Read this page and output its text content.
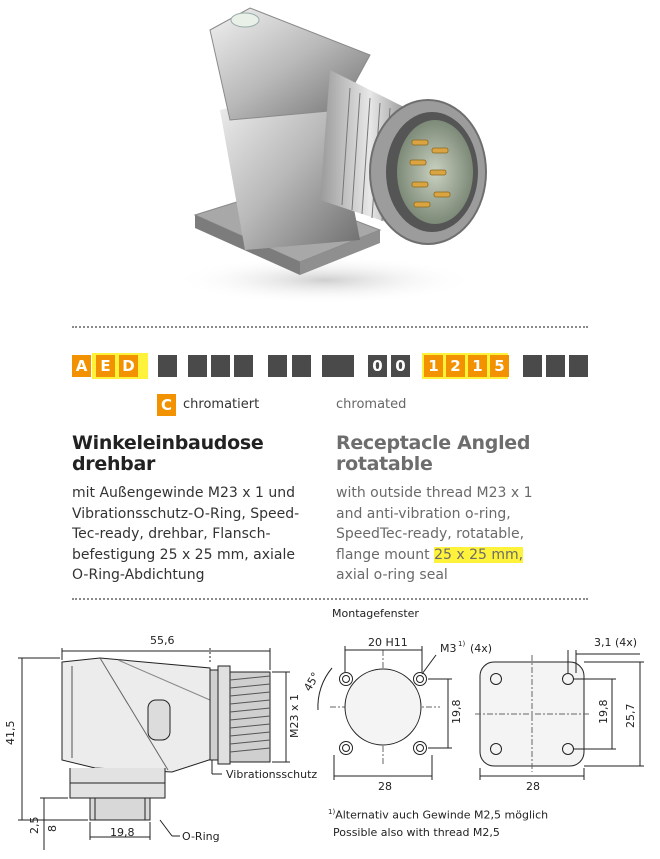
A E D	0 0 1 2 1 5
C chromatiert	chromated
Winkeleinbaudose
drehbar
Receptacle Angled
rotatable
mit Außengewinde M23 x 1 und
Vibrationsschutz-O-Ring, Speed-
Tec-ready, drehbar, Flansch-
befestigung 25 x 25 mm, axiale
O-Ring-Abdichtung
with outside thread M23 x 1
and anti-vibration o-ring,
SpeedTec-ready, rotatable,
flange mount 25 x 25 mm,
axial o-ring seal
Montagefenster
55,6
41,5	M23 x 1
19,8
2,5 8
Vibrationsschutz
O-Ring
20 H11	M3 1) (4x)
45°
19,8
28
3,1 (4x)
19,8 25,7
28
$^{1)}$Alternativ auch Gewinde M2,5 möglich
Possible also with thread M2,5
